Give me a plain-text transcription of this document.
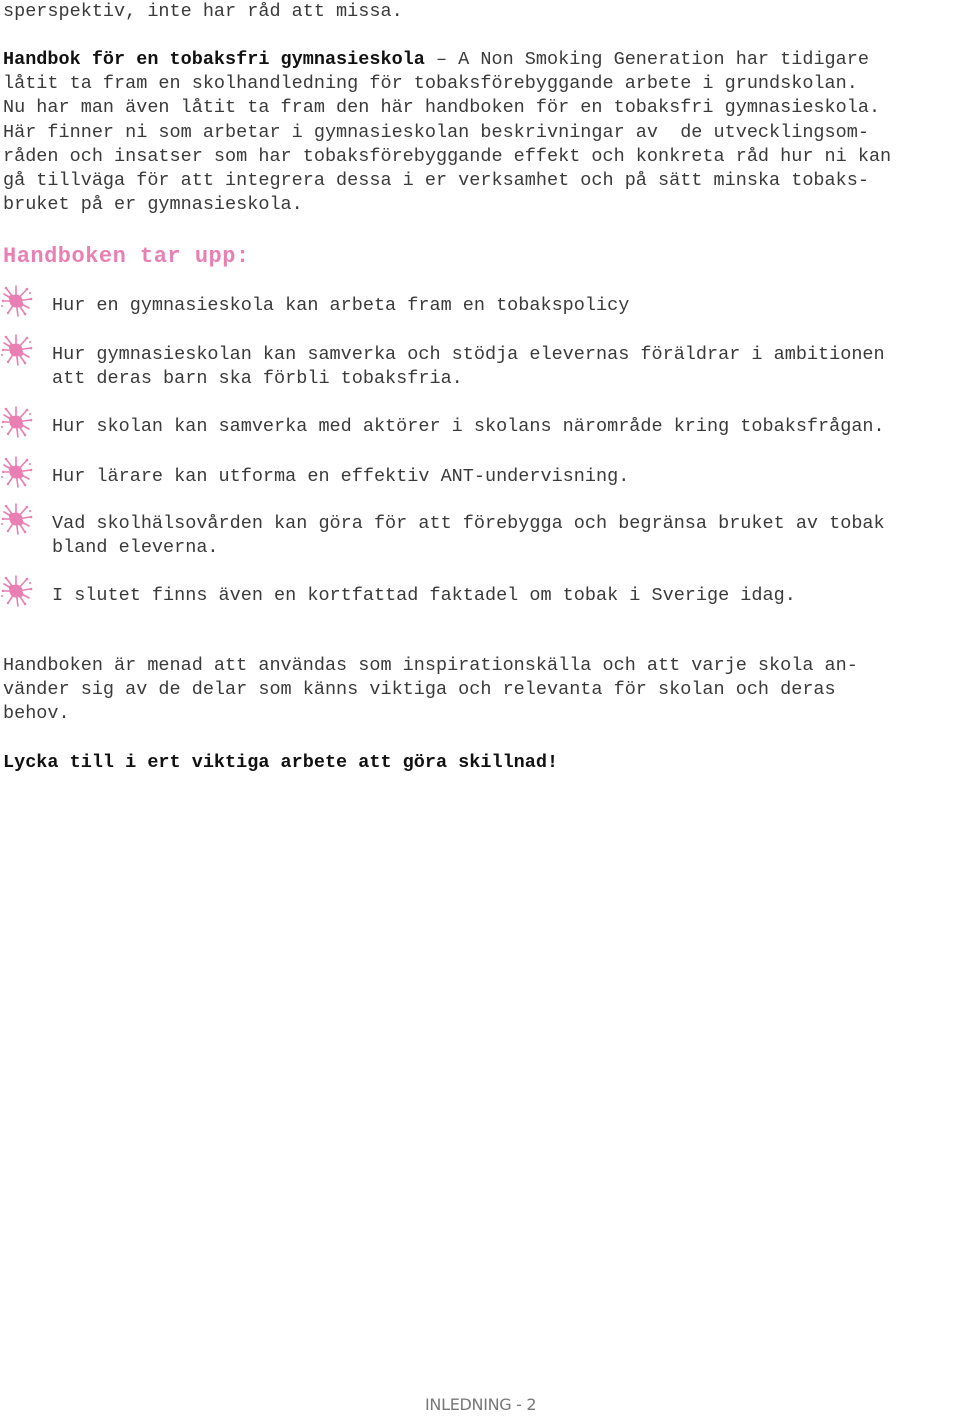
sperspektiv, inte har råd att missa.

Handbok för en tobaksfri gymnasieskola – A Non Smoking Generation har tidigare

låtit ta fram en skolhandledning för tobaksförebyggande arbete i grundskolan.

Nu har man även låtit ta fram den här handboken för en tobaksfri gymnasieskola.

Här finner ni som arbetar i gymnasieskolan beskrivningar av  de utvecklingsom-

råden och insatser som har tobaksförebyggande effekt och konkreta råd hur ni kan

gå tillväga för att integrera dessa i er verksamhet och på sätt minska tobaks-

bruket på er gymnasieskola.

Handboken tar upp:

Hur en gymnasieskola kan arbeta fram en tobakspolicy

Hur gymnasieskolan kan samverka och stödja elevernas föräldrar i ambitionen

att deras barn ska förbli tobaksfria.

Hur skolan kan samverka med aktörer i skolans närområde kring tobaksfrågan.

Hur lärare kan utforma en effektiv ANT-undervisning.

Vad skolhälsovården kan göra för att förebygga och begränsa bruket av tobak

bland eleverna.

I slutet finns även en kortfattad faktadel om tobak i Sverige idag.

Handboken är menad att användas som inspirationskälla och att varje skola an-

vänder sig av de delar som känns viktiga och relevanta för skolan och deras

behov.

Lycka till i ert viktiga arbete att göra skillnad!

INLEDNING - 2
